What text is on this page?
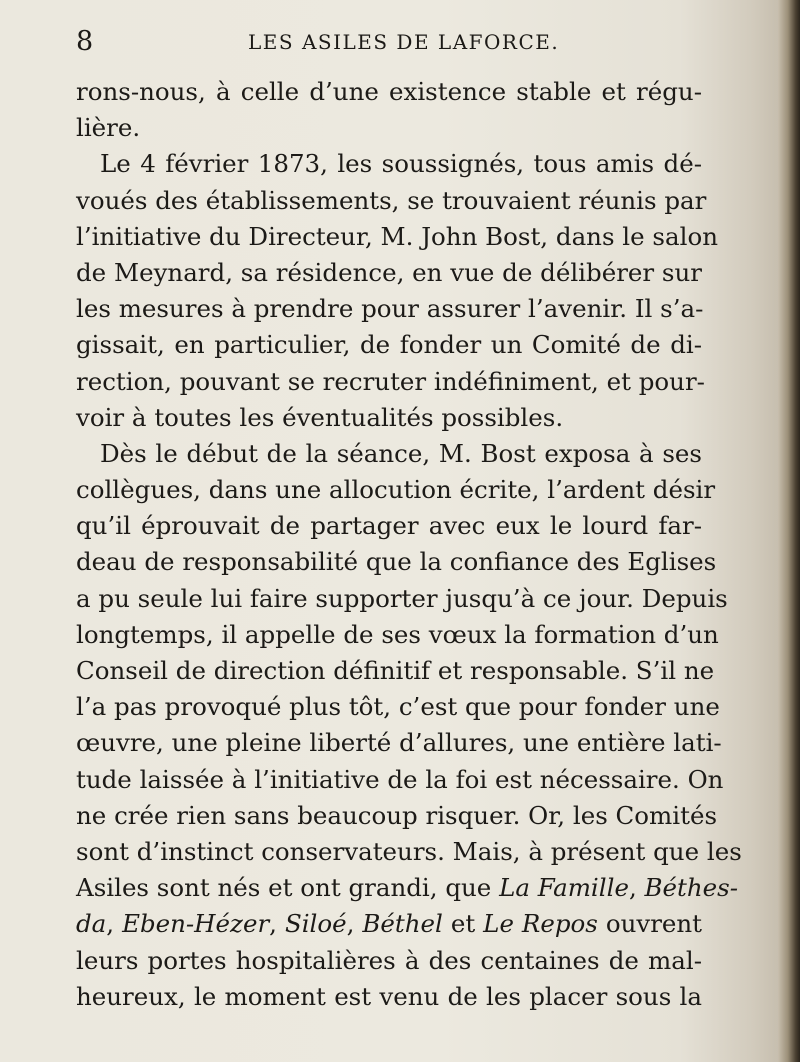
8	LES ASILES DE LAFORCE.
rons-nous, à celle d’une existence stable et régu-
lière.
Le 4 février 1873, les soussignés, tous amis dé-
voués des établissements, se trouvaient réunis par
l’initiative du Directeur, M. John Bost, dans le salon
de Meynard, sa résidence, en vue de délibérer sur
les mesures à prendre pour assurer l’avenir. Il s’a-
gissait, en particulier, de fonder un Comité de di-
rection, pouvant se recruter indéfiniment, et pour-
voir à toutes les éventualités possibles.
Dès le début de la séance, M. Bost exposa à ses
collègues, dans une allocution écrite, l’ardent désir
qu’il éprouvait de partager avec eux le lourd far-
deau de responsabilité que la confiance des Eglises
a pu seule lui faire supporter jusqu’à ce jour. Depuis
longtemps, il appelle de ses vœux la formation d’un
Conseil de direction définitif et responsable. S’il ne
l’a pas provoqué plus tôt, c’est que pour fonder une
œuvre, une pleine liberté d’allures, une entière lati-
tude laissée à l’initiative de la foi est nécessaire. On
ne crée rien sans beaucoup risquer. Or, les Comités
sont d’instinct conservateurs. Mais, à présent que les
Asiles sont nés et ont grandi, que La Famille, Béthes-
da, Eben-Hézer, Siloé, Béthel et Le Repos ouvrent
leurs portes hospitalières à des centaines de mal-
heureux, le moment est venu de les placer sous la
